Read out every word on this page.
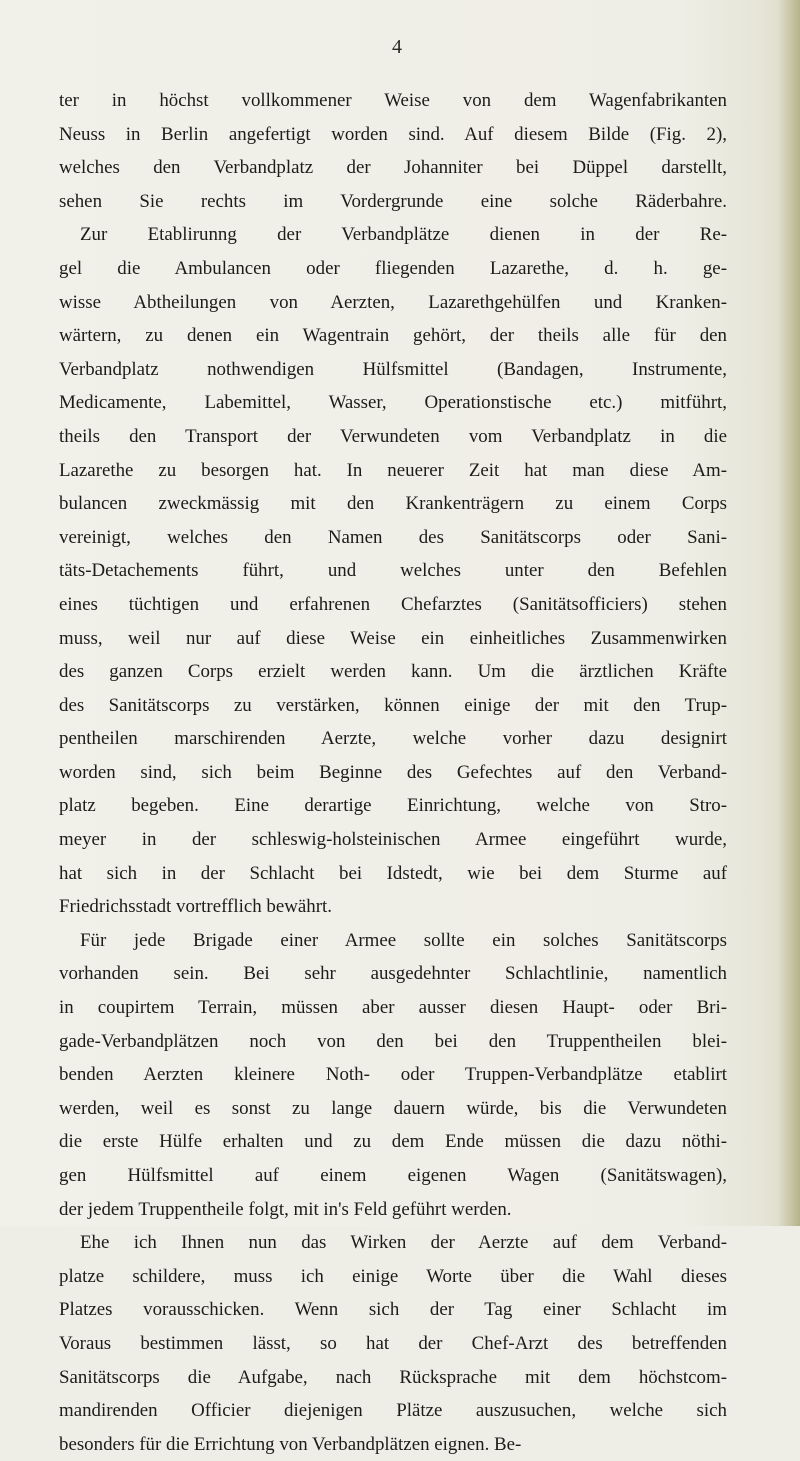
4
ter in höchst vollkommener Weise von dem Wagenfabrikanten
Neuss in Berlin angefertigt worden sind. Auf diesem Bilde (Fig. 2),
welches den Verbandplatz der Johanniter bei Düppel darstellt,
sehen Sie rechts im Vordergrunde eine solche Räderbahre.
Zur Etablirunng der Verbandplätze dienen in der Re-
gel die Ambulancen oder fliegenden Lazarethe, d. h. ge-
wisse Abtheilungen von Aerzten, Lazarethgehülfen und Kranken-
wärtern, zu denen ein Wagentrain gehört, der theils alle für den
Verbandplatz nothwendigen Hülfsmittel (Bandagen, Instrumente,
Medicamente, Labemittel, Wasser, Operationstische etc.) mitführt,
theils den Transport der Verwundeten vom Verbandplatz in die
Lazarethe zu besorgen hat. In neuerer Zeit hat man diese Am-
bulancen zweckmässig mit den Krankenträgern zu einem Corps
vereinigt, welches den Namen des Sanitätscorps oder Sani-
täts-Detachements führt, und welches unter den Befehlen
eines tüchtigen und erfahrenen Chefarztes (Sanitätsofficiers) stehen
muss, weil nur auf diese Weise ein einheitliches Zusammenwirken
des ganzen Corps erzielt werden kann. Um die ärztlichen Kräfte
des Sanitätscorps zu verstärken, können einige der mit den Trup-
pentheilen marschirenden Aerzte, welche vorher dazu designirt
worden sind, sich beim Beginne des Gefechtes auf den Verband-
platz begeben. Eine derartige Einrichtung, welche von Stro-
meyer in der schleswig-holsteinischen Armee eingeführt wurde,
hat sich in der Schlacht bei Idstedt, wie bei dem Sturme auf
Friedrichsstadt vortrefflich bewährt.
Für jede Brigade einer Armee sollte ein solches Sanitätscorps
vorhanden sein. Bei sehr ausgedehnter Schlachtlinie, namentlich
in coupirtem Terrain, müssen aber ausser diesen Haupt- oder Bri-
gade-Verbandplätzen noch von den bei den Truppentheilen blei-
benden Aerzten kleinere Noth- oder Truppen-Verbandplätze etablirt
werden, weil es sonst zu lange dauern würde, bis die Verwundeten
die erste Hülfe erhalten und zu dem Ende müssen die dazu nöthi-
gen Hülfsmittel auf einem eigenen Wagen (Sanitätswagen),
der jedem Truppentheile folgt, mit in's Feld geführt werden.
Ehe ich Ihnen nun das Wirken der Aerzte auf dem Verband-
platze schildere, muss ich einige Worte über die Wahl dieses
Platzes vorausschicken. Wenn sich der Tag einer Schlacht im
Voraus bestimmen lässt, so hat der Chef-Arzt des betreffenden
Sanitätscorps die Aufgabe, nach Rücksprache mit dem höchstcom-
mandirenden Officier diejenigen Plätze auszusuchen, welche sich
besonders für die Errichtung von Verbandplätzen eignen. Be-
